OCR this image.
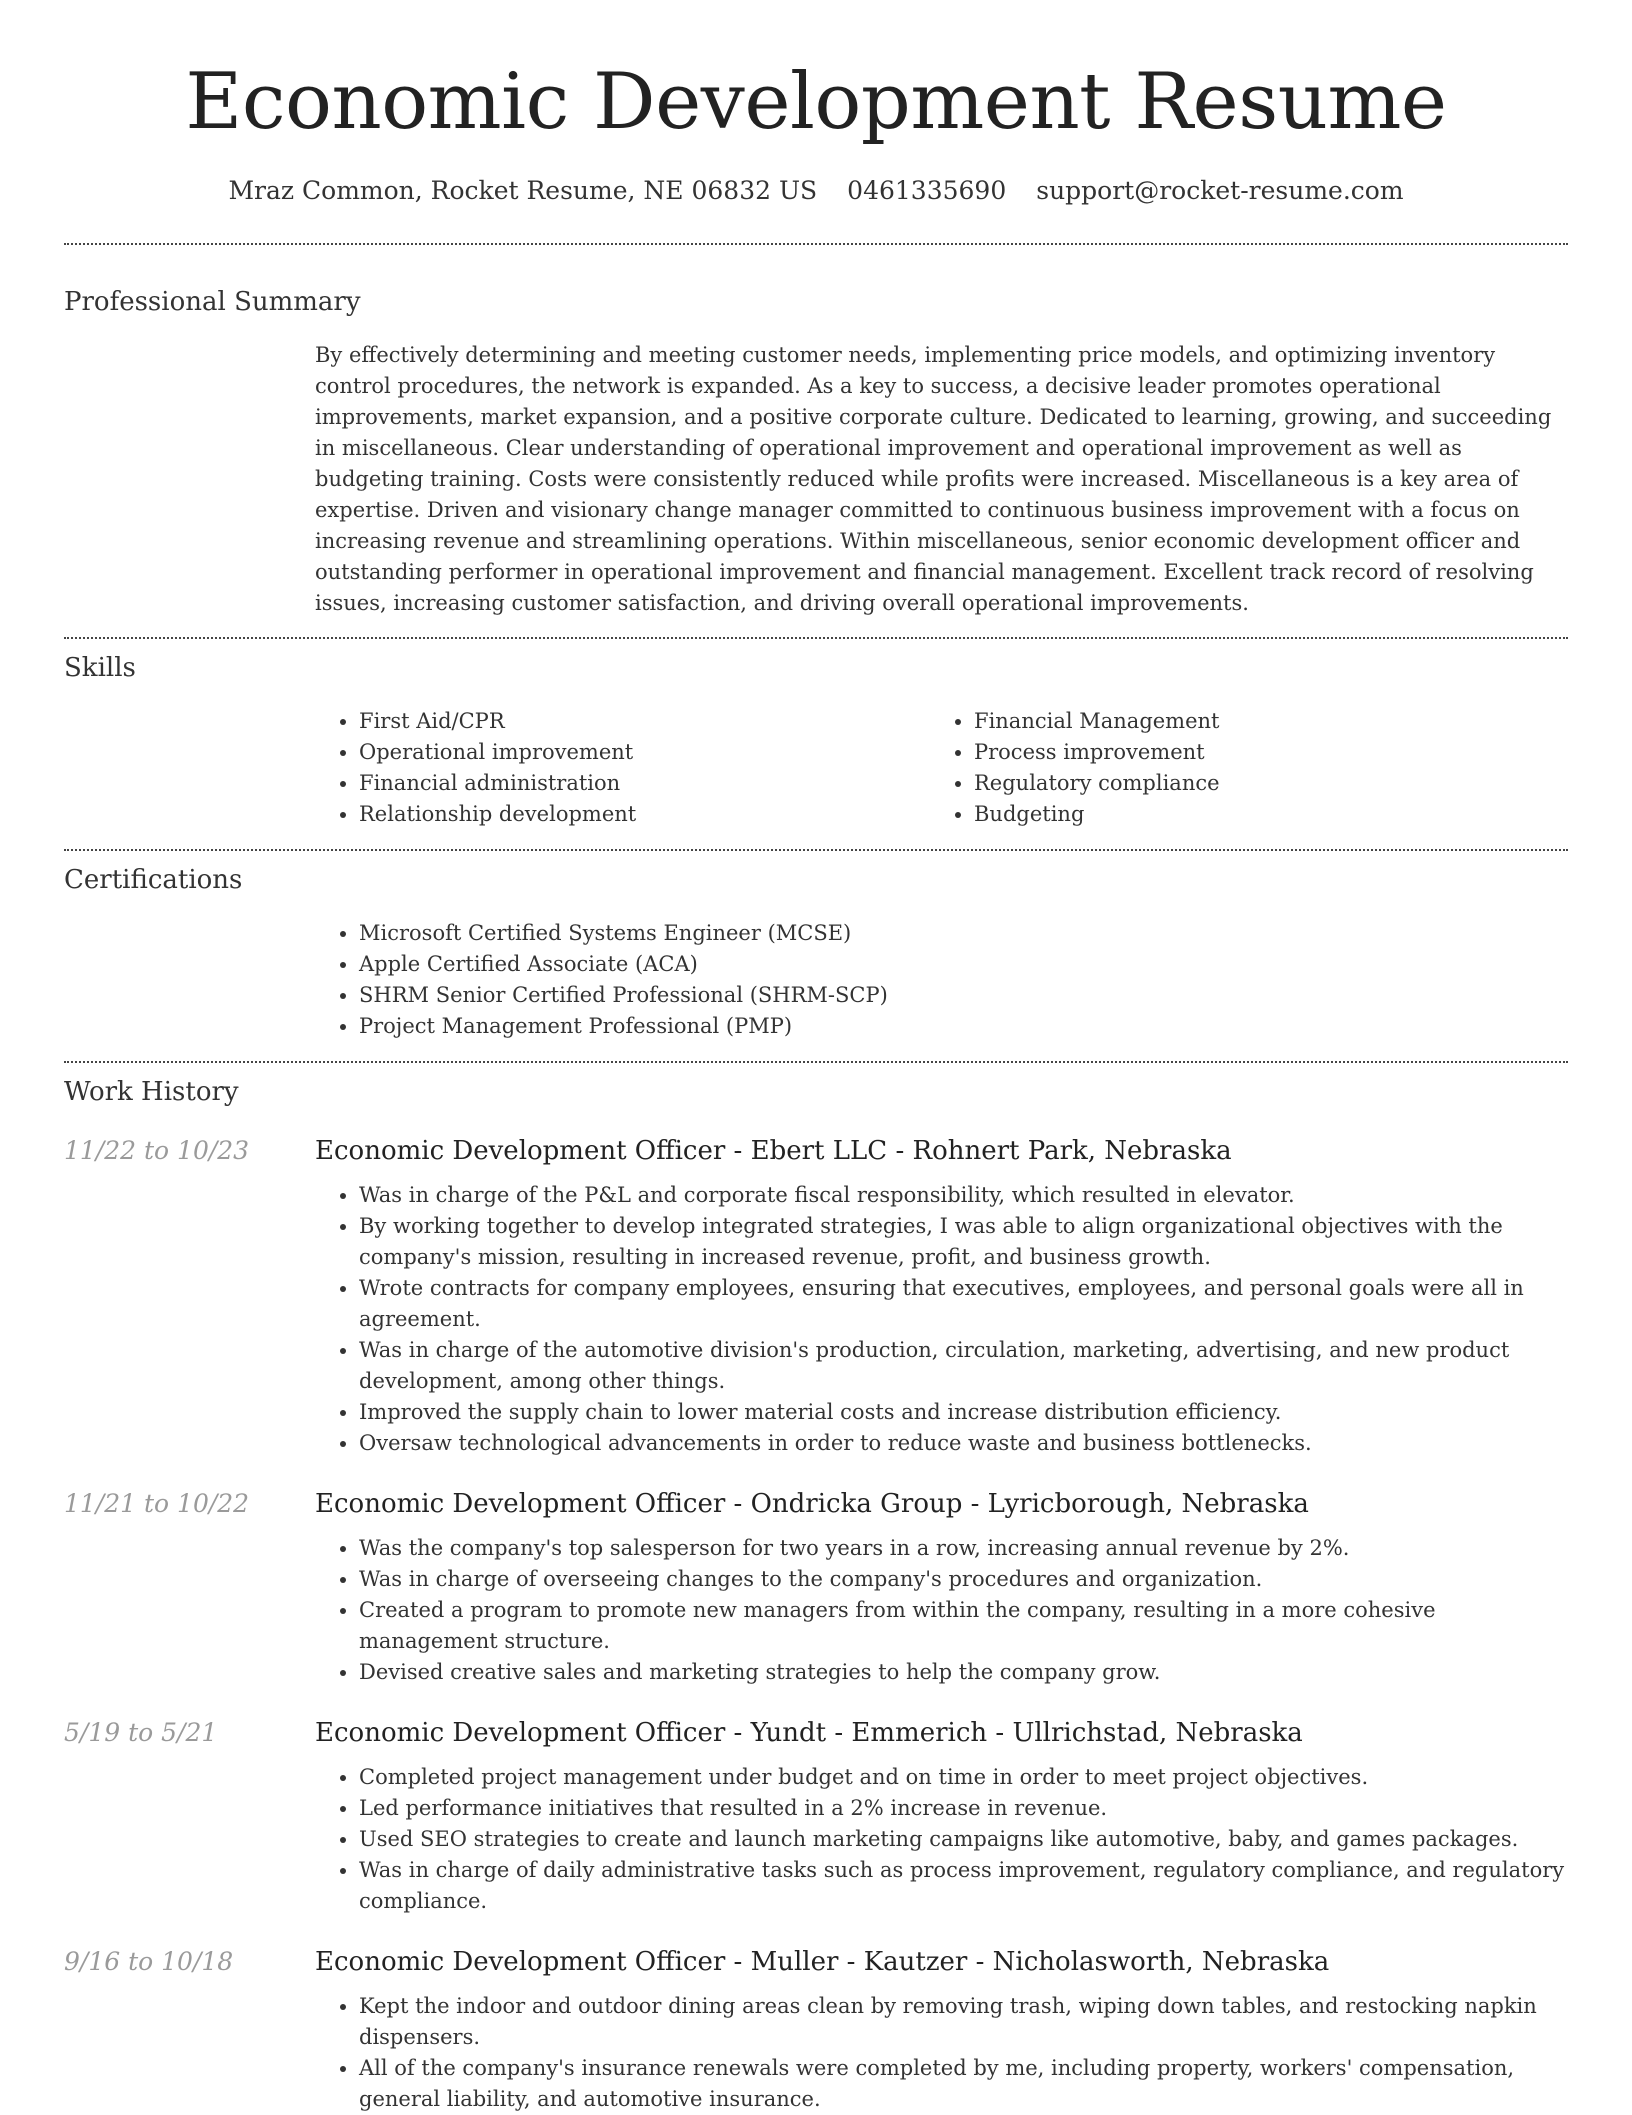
Economic Development Resume
Mraz Common, Rocket Resume, NE 06832 US 0461335690 support@rocket-resume.com
Professional Summary

By effectively determining and meeting customer needs, implementing price models, and optimizing inventory control procedures, the network is expanded. As a key to success, a decisive leader promotes operational improvements, market expansion, and a positive corporate culture. Dedicated to learning, growing, and succeeding in miscellaneous. Clear understanding of operational improvement and operational improvement as well as budgeting training. Costs were consistently reduced while profits were increased. Miscellaneous is a key area of expertise. Driven and visionary change manager committed to continuous business improvement with a focus on increasing revenue and streamlining operations. Within miscellaneous, senior economic development officer and outstanding performer in operational improvement and financial management. Excellent track record of resolving issues, increasing customer satisfaction, and driving overall operational improvements.

Skills
• First Aid/CPR
• Operational improvement
• Financial administration
• Relationship development
• Financial Management
• Process improvement
• Regulatory compliance
• Budgeting
Certifications
• Microsoft Certified Systems Engineer (MCSE)
• Apple Certified Associate (ACA)
• SHRM Senior Certified Professional (SHRM-SCP)
• Project Management Professional (PMP)
Work History
11/22 to 10/23	Economic Development Officer - Ebert LLC - Rohnert Park, Nebraska
• Was in charge of the P&L and corporate fiscal responsibility, which resulted in elevator.
• By working together to develop integrated strategies, I was able to align organizational objectives with the company's mission, resulting in increased revenue, profit, and business growth.
• Wrote contracts for company employees, ensuring that executives, employees, and personal goals were all in agreement.
• Was in charge of the automotive division's production, circulation, marketing, advertising, and new product development, among other things.
• Improved the supply chain to lower material costs and increase distribution efficiency.
• Oversaw technological advancements in order to reduce waste and business bottlenecks.
11/21 to 10/22	Economic Development Officer - Ondricka Group - Lyricborough, Nebraska
• Was the company's top salesperson for two years in a row, increasing annual revenue by 2%.
• Was in charge of overseeing changes to the company's procedures and organization.
• Created a program to promote new managers from within the company, resulting in a more cohesive management structure.
• Devised creative sales and marketing strategies to help the company grow.
5/19 to 5/21	Economic Development Officer - Yundt - Emmerich - Ullrichstad, Nebraska
• Completed project management under budget and on time in order to meet project objectives.
• Led performance initiatives that resulted in a 2% increase in revenue.
• Used SEO strategies to create and launch marketing campaigns like automotive, baby, and games packages.
• Was in charge of daily administrative tasks such as process improvement, regulatory compliance, and regulatory compliance.
9/16 to 10/18	Economic Development Officer - Muller - Kautzer - Nicholasworth, Nebraska
• Kept the indoor and outdoor dining areas clean by removing trash, wiping down tables, and restocking napkin dispensers.
• All of the company's insurance renewals were completed by me, including property, workers' compensation, general liability, and automotive insurance.
